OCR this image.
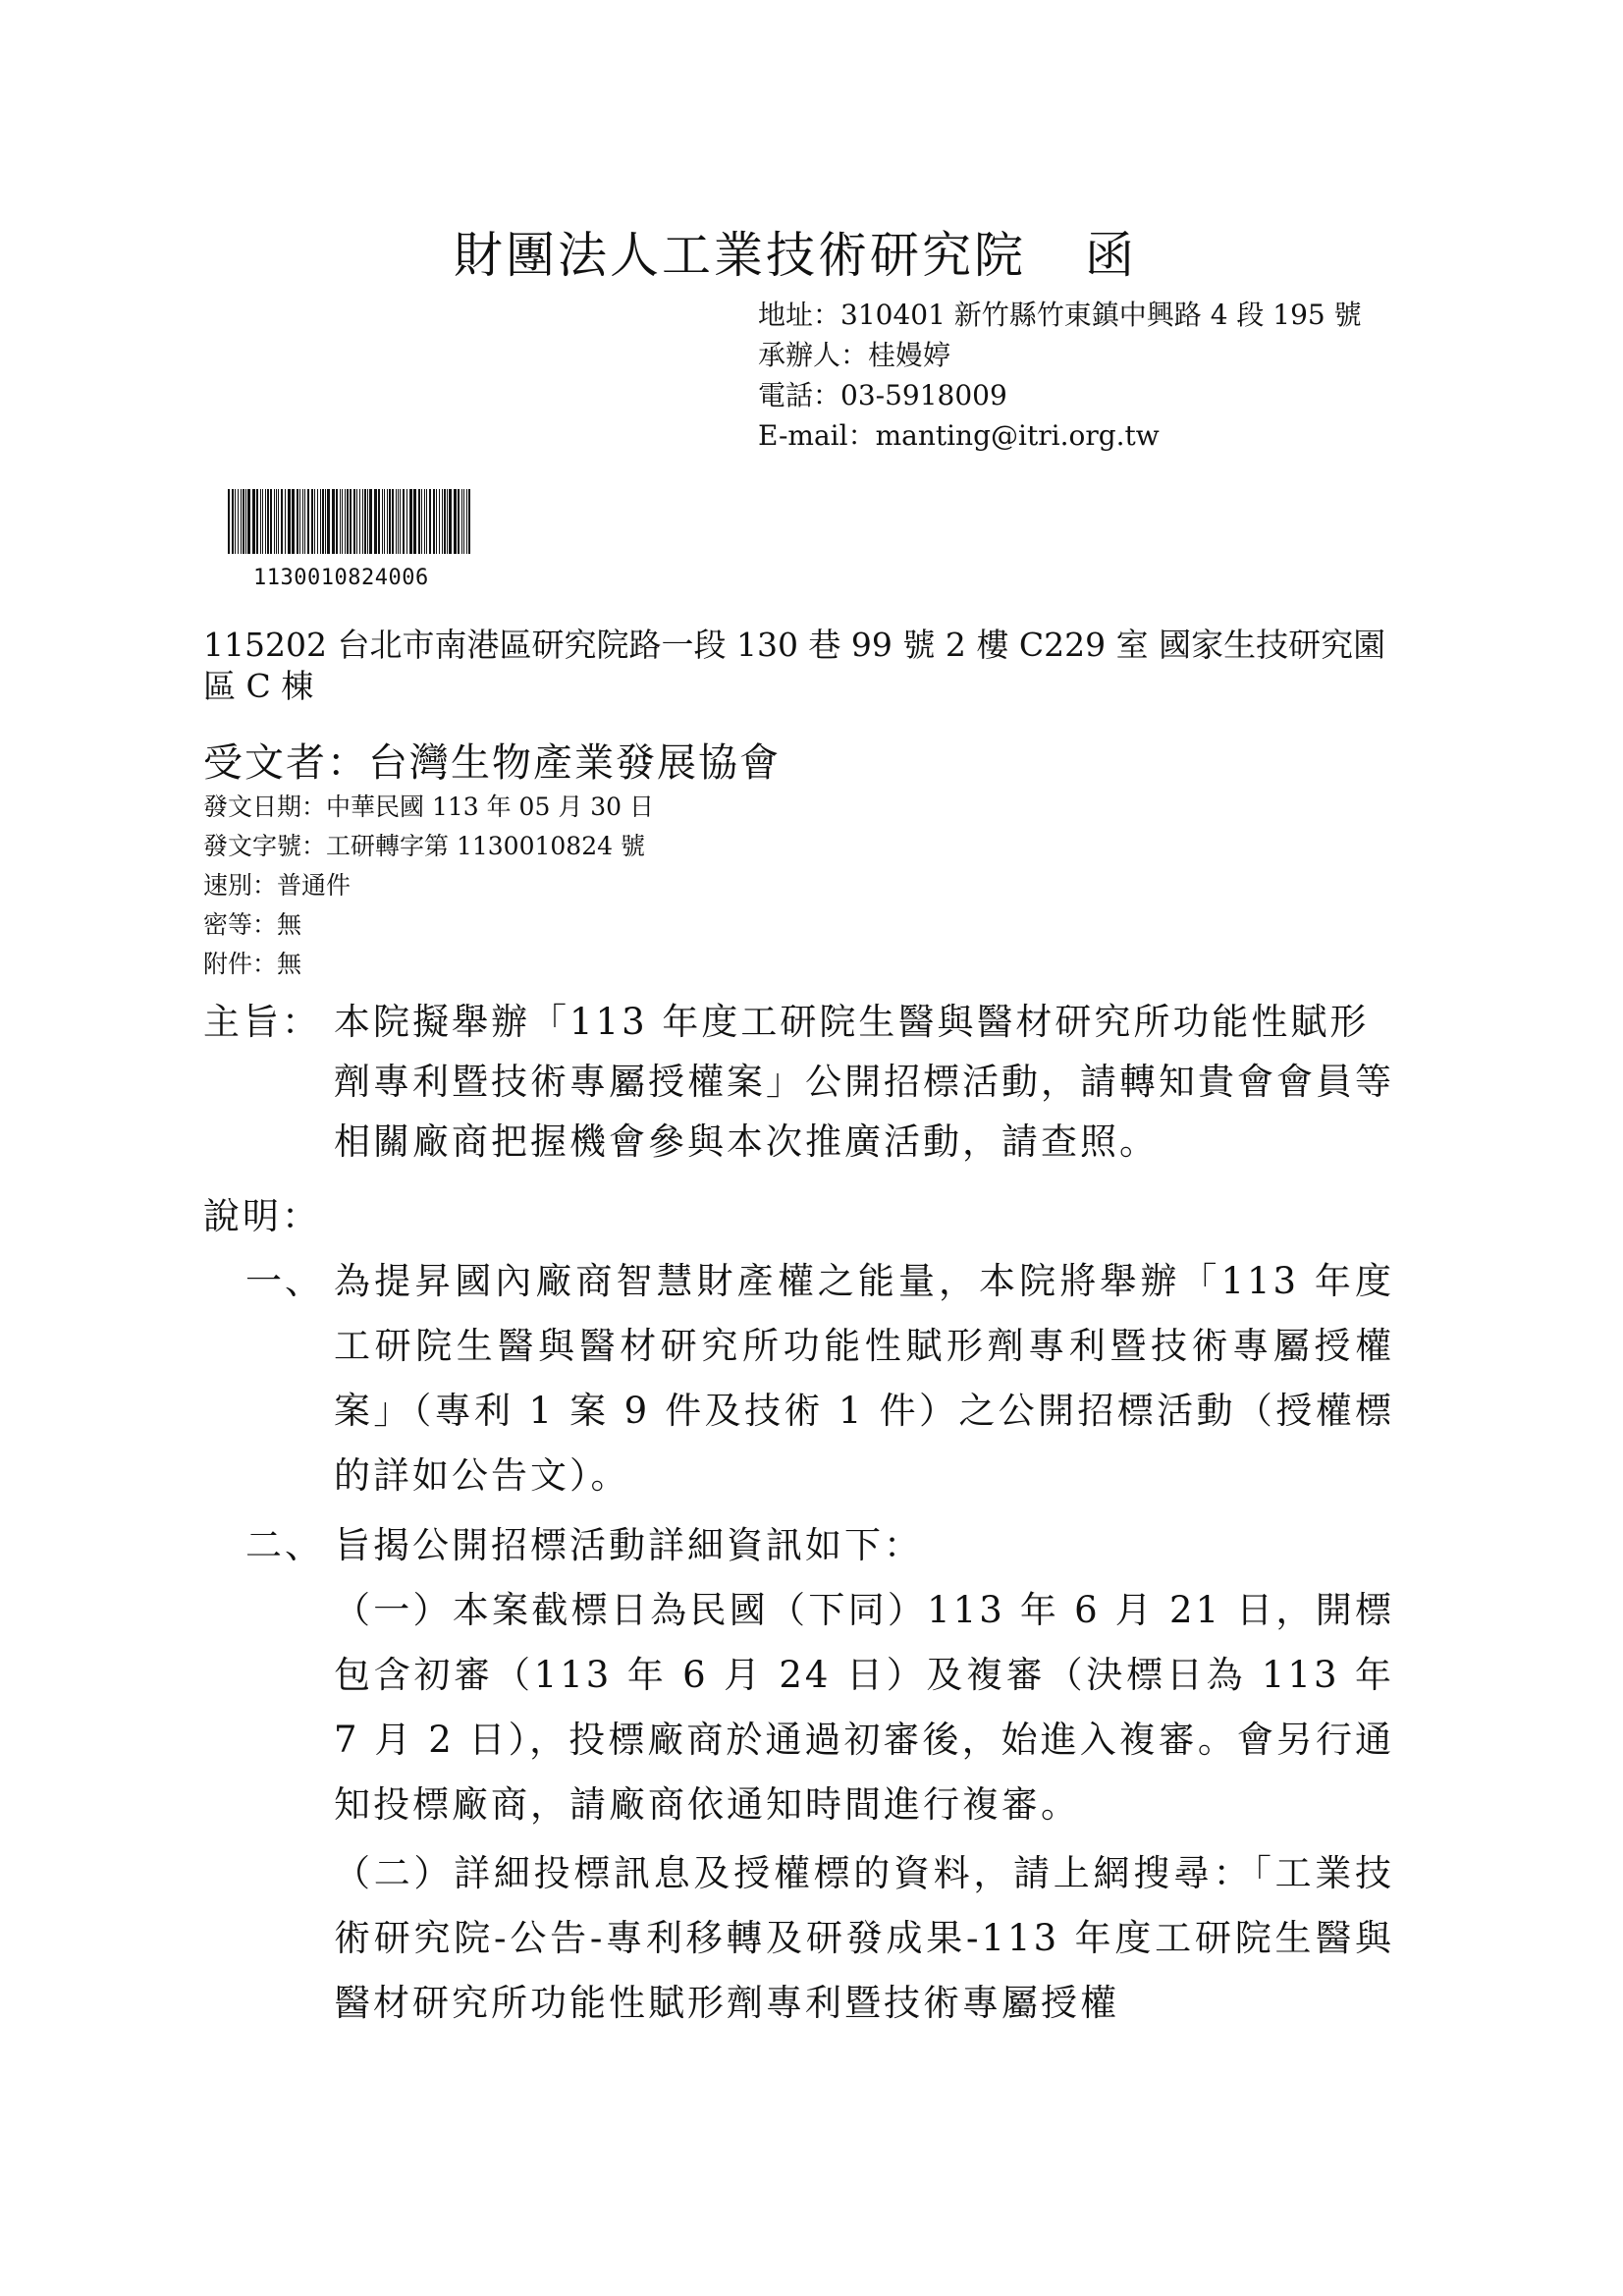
財團法人工業技術研究院 函
地址：310401 新竹縣竹東鎮中興路 4 段 195 號
承辦人：桂嫚婷
電話：03-5918009
E-mail：manting@itri.org.tw
1130010824006
115202 台北市南港區研究院路一段 130 巷 99 號 2 樓 C229 室 國家生技研究園區 C 棟
受文者：台灣生物產業發展協會
發文日期：中華民國 113 年 05 月 30 日
發文字號：工研轉字第 1130010824 號
速別：普通件
密等：無
附件：無
主旨： 本院擬舉辦「113 年度工研院生醫與醫材研究所功能性賦形劑專利暨技術專屬授權案」公開招標活動，請轉知貴會會員等相關廠商把握機會參與本次推廣活動，請查照。
說明：
一、 為提昇國內廠商智慧財產權之能量，本院將舉辦「113 年度工研院生醫與醫材研究所功能性賦形劑專利暨技術專屬授權案」（專利 1 案 9 件及技術 1 件）之公開招標活動（授權標的詳如公告文）。
二、 旨揭公開招標活動詳細資訊如下：
（一）本案截標日為民國（下同）113 年 6 月 21 日，開標包含初審（113 年 6 月 24 日）及複審（決標日為 113 年 7 月 2 日），投標廠商於通過初審後，始進入複審。會另行通知投標廠商，請廠商依通知時間進行複審。
（二）詳細投標訊息及授權標的資料，請上網搜尋：「工業技術研究院-公告-專利移轉及研發成果-113 年度工研院生醫與醫材研究所功能性賦形劑專利暨技術專屬授權
